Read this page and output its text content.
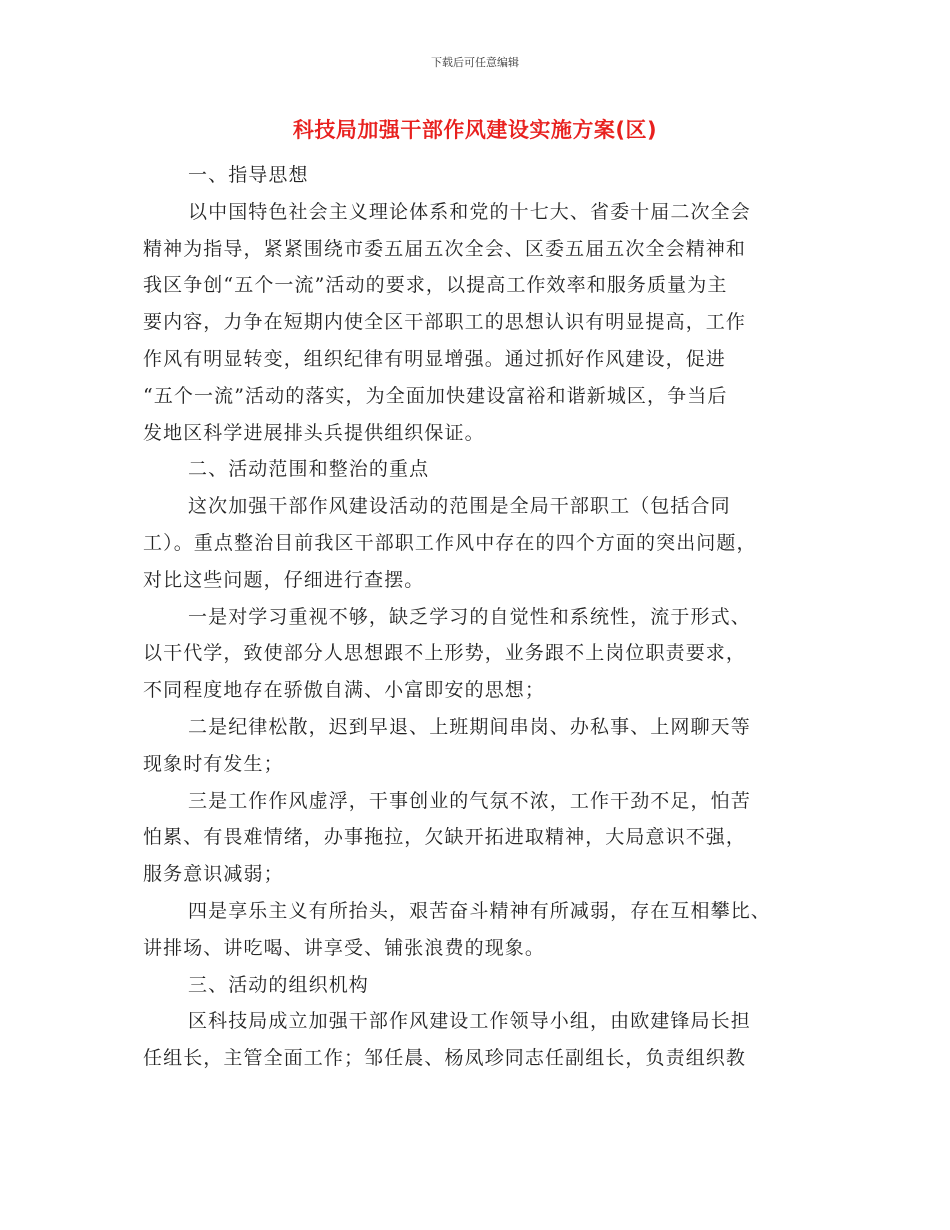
下载后可任意编辑
科技局加强干部作风建设实施方案(区)
一、指导思想
以中国特色社会主义理论体系和党的十七大、省委十届二次全会
精神为指导，紧紧围绕市委五届五次全会、区委五届五次全会精神和
我区争创“五个一流”活动的要求，以提高工作效率和服务质量为主
要内容，力争在短期内使全区干部职工的思想认识有明显提高，工作
作风有明显转变，组织纪律有明显增强。通过抓好作风建设，促进
“五个一流”活动的落实，为全面加快建设富裕和谐新城区，争当后
发地区科学进展排头兵提供组织保证。
二、活动范围和整治的重点
这次加强干部作风建设活动的范围是全局干部职工（包括合同
工）。重点整治目前我区干部职工作风中存在的四个方面的突出问题，
对比这些问题，仔细进行查摆。
一是对学习重视不够，缺乏学习的自觉性和系统性，流于形式、
以干代学，致使部分人思想跟不上形势，业务跟不上岗位职责要求，
不同程度地存在骄傲自满、小富即安的思想；
二是纪律松散，迟到早退、上班期间串岗、办私事、上网聊天等
现象时有发生；
三是工作作风虚浮，干事创业的气氛不浓，工作干劲不足，怕苦
怕累、有畏难情绪，办事拖拉，欠缺开拓进取精神，大局意识不强，
服务意识减弱；
四是享乐主义有所抬头，艰苦奋斗精神有所减弱，存在互相攀比、
讲排场、讲吃喝、讲享受、铺张浪费的现象。
三、活动的组织机构
区科技局成立加强干部作风建设工作领导小组，由欧建锋局长担
任组长，主管全面工作；邹任晨、杨凤珍同志任副组长，负责组织教
